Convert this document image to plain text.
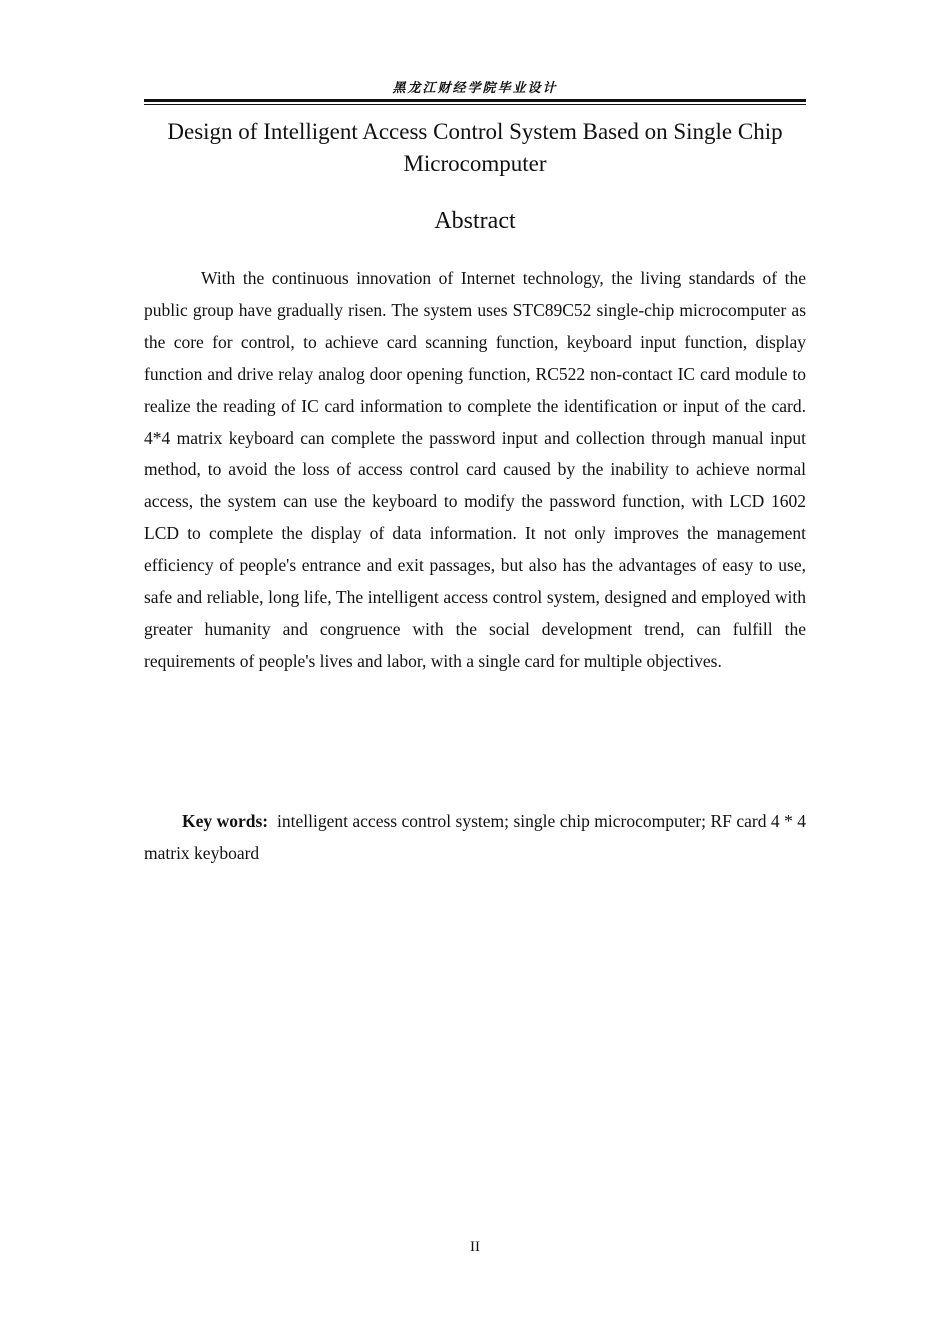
黑龙江财经学院毕业设计
Design of Intelligent Access Control System Based on Single Chip Microcomputer
Abstract

With the continuous innovation of Internet technology, the living standards of the public group have gradually risen. The system uses STC89C52 single-chip microcomputer as the core for control, to achieve card scanning function, keyboard input function, display function and drive relay analog door opening function, RC522 non-contact IC card module to realize the reading of IC card information to complete the identification or input of the card. 4*4 matrix keyboard can complete the password input and collection through manual input method, to avoid the loss of access control card caused by the inability to achieve normal access, the system can use the keyboard to modify the password function, with LCD 1602 LCD to complete the display of data information. It not only improves the management efficiency of people's entrance and exit passages, but also has the advantages of easy to use, safe and reliable, long life, The intelligent access control system, designed and employed with greater humanity and congruence with the social development trend, can fulfill the requirements of people's lives and labor, with a single card for multiple objectives.

Key words: intelligent access control system; single chip microcomputer; RF card 4 * 4 matrix keyboard

II
